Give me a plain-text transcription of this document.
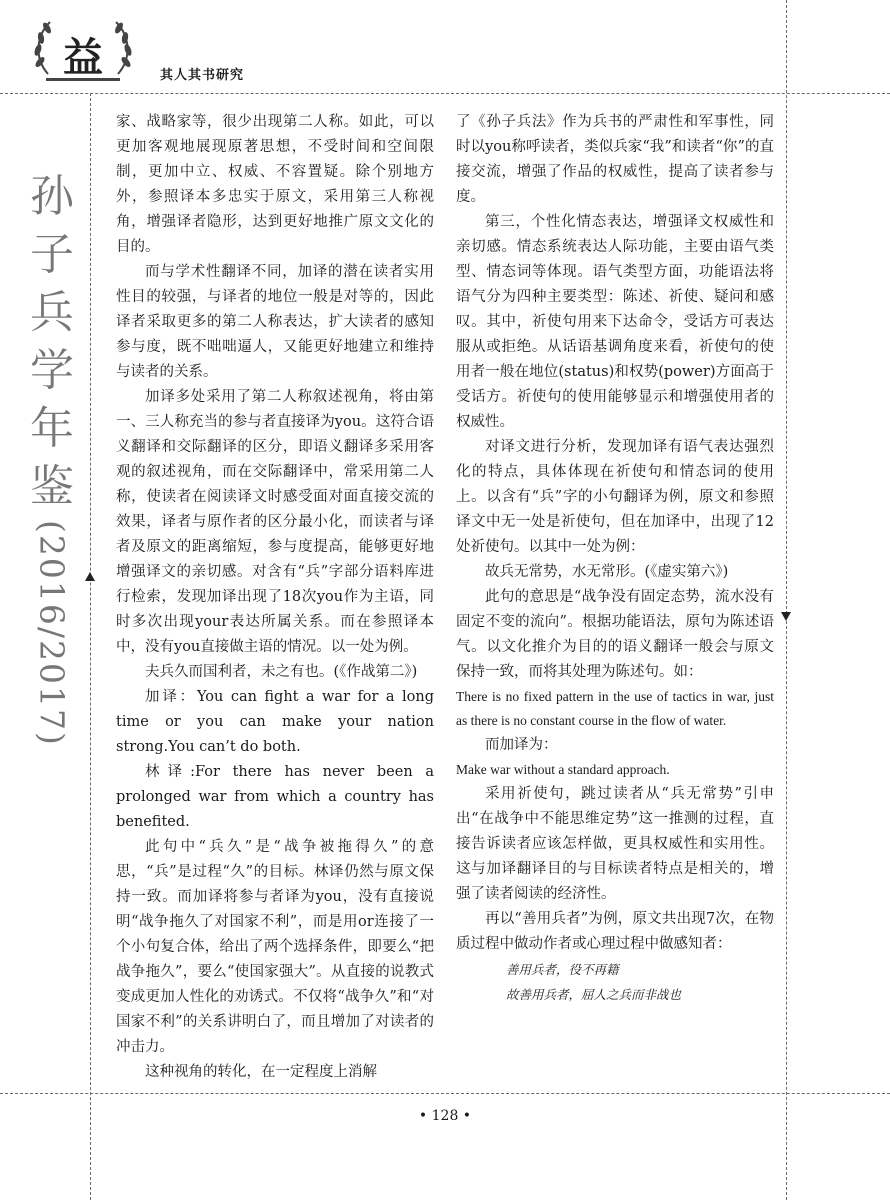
益	其人其书研究
孙
子
兵
学
年
鉴
(2016/2017)

家、战略家等，很少出现第二人称。如此，可以更加客观地展现原著思想，不受时间和空间限制，更加中立、权威、不容置疑。除个别地方外，参照译本多忠实于原文，采用第三人称视角，增强译者隐形，达到更好地推广原文文化的目的。

而与学术性翻译不同，加译的潜在读者实用性目的较强，与译者的地位一般是对等的，因此译者采取更多的第二人称表达，扩大读者的感知参与度，既不咄咄逼人，又能更好地建立和维持与读者的关系。

加译多处采用了第二人称叙述视角，将由第一、三人称充当的参与者直接译为you。这符合语义翻译和交际翻译的区分，即语义翻译多采用客观的叙述视角，而在交际翻译中，常采用第二人称，使读者在阅读译文时感受面对面直接交流的效果，译者与原作者的区分最小化，而读者与译者及原文的距离缩短，参与度提高，能够更好地增强译文的亲切感。对含有“兵”字部分语料库进行检索，发现加译出现了18次you作为主语，同时多次出现your表达所属关系。而在参照译本中，没有you直接做主语的情况。以一处为例。

夫兵久而国利者，未之有也。(《作战第二》)

加译：You can fight a war for a long time or you can make your nation strong.You can’t do both.

林译:For there has never been a prolonged war from which a country has benefited.

此句中“兵久”是“战争被拖得久”的意思，“兵”是过程“久”的目标。林译仍然与原文保持一致。而加译将参与者译为you，没有直接说明“战争拖久了对国家不利”，而是用or连接了一个小句复合体，给出了两个选择条件，即要么“把战争拖久”，要么“使国家强大”。从直接的说教式变成更加人性化的劝诱式。不仅将“战争久”和“对国家不利”的关系讲明白了，而且增加了对读者的冲击力。

这种视角的转化，在一定程度上消解

了《孙子兵法》作为兵书的严肃性和军事性，同时以you称呼读者，类似兵家“我”和读者“你”的直接交流，增强了作品的权威性，提高了读者参与度。

第三，个性化情态表达，增强译文权威性和亲切感。情态系统表达人际功能，主要由语气类型、情态词等体现。语气类型方面，功能语法将语气分为四种主要类型：陈述、祈使、疑问和感叹。其中，祈使句用来下达命令，受话方可表达服从或拒绝。从话语基调角度来看，祈使句的使用者一般在地位(status)和权势(power)方面高于受话方。祈使句的使用能够显示和增强使用者的权威性。

对译文进行分析，发现加译有语气表达强烈化的特点，具体体现在祈使句和情态词的使用上。以含有“兵”字的小句翻译为例，原文和参照译文中无一处是祈使句，但在加译中，出现了12处祈使句。以其中一处为例：

故兵无常势，水无常形。(《虚实第六》)

此句的意思是“战争没有固定态势，流水没有固定不变的流向”。根据功能语法，原句为陈述语气。以文化推介为目的的语义翻译一般会与原文保持一致，而将其处理为陈述句。如：

There is no fixed pattern in the use of tactics in war, just as there is no constant course in the flow of water.

而加译为：

Make war without a standard approach.

采用祈使句，跳过读者从“兵无常势”引申出“在战争中不能思维定势”这一推测的过程，直接告诉读者应该怎样做，更具权威性和实用性。这与加译翻译目的与目标读者特点是相关的，增强了读者阅读的经济性。

再以“善用兵者”为例，原文共出现7次，在物质过程中做动作者或心理过程中做感知者：

善用兵者，役不再籍

故善用兵者，屈人之兵而非战也

• 128 •
